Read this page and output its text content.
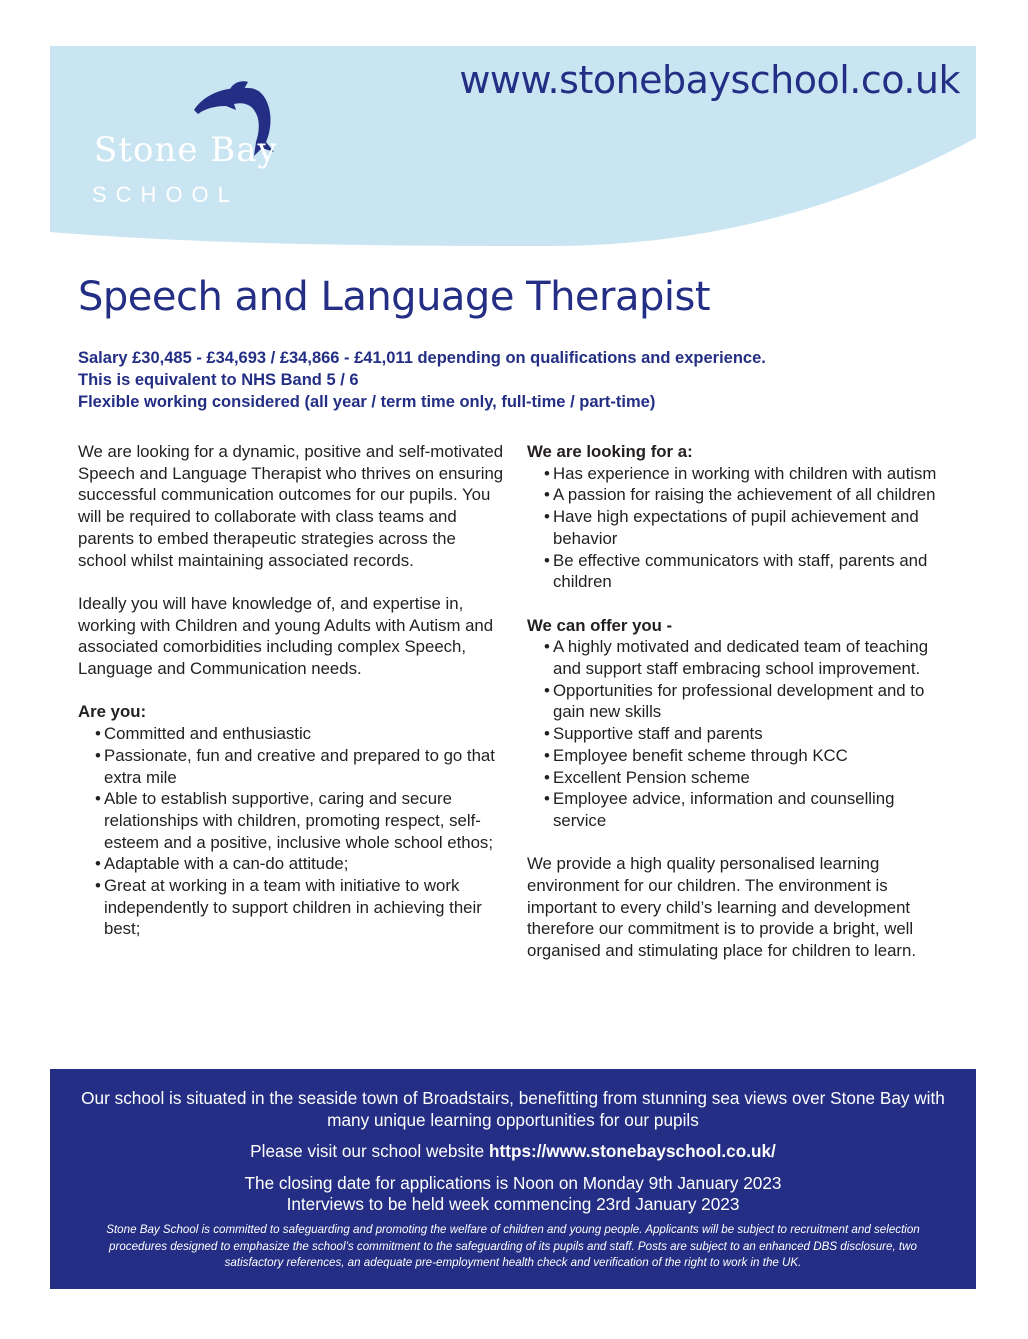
www.stonebayschool.co.uk
Stone Bay
SCHOOL
Speech and Language Therapist
Salary £30,485 - £34,693 / £34,866 - £41,011 depending on qualifications and experience.
This is equivalent to NHS Band 5 / 6
Flexible working considered (all year / term time only, full-time / part-time)

We are looking for a dynamic, positive and self-motivated Speech and Language Therapist who thrives on ensuring successful communication outcomes for our pupils. You will be required to collaborate with class teams and parents to embed therapeutic strategies across the school whilst maintaining associated records.

Ideally you will have knowledge of, and expertise in, working with Children and young Adults with Autism and associated comorbidities including complex Speech, Language and Communication needs.

Are you:

• Committed and enthusiastic
• Passionate, fun and creative and prepared to go that extra mile
• Able to establish supportive, caring and secure relationships with children, promoting respect, self-esteem and a positive, inclusive whole school ethos;
• Adaptable with a can-do attitude;
• Great at working in a team with initiative to work independently to support children in achieving their best;

We are looking for a:

• Has experience in working with children with autism
• A passion for raising the achievement of all children
• Have high expectations of pupil achievement and behavior
• Be effective communicators with staff, parents and children

We can offer you -

• A highly motivated and dedicated team of teaching and support staff embracing school improvement.
• Opportunities for professional development and to gain new skills
• Supportive staff and parents
• Employee benefit scheme through KCC
• Excellent Pension scheme
• Employee advice, information and counselling service

We provide a high quality personalised learning environment for our children. The environment is important to every child’s learning and development therefore our commitment is to provide a bright, well organised and stimulating place for children to learn.

Our school is situated in the seaside town of Broadstairs, benefitting from stunning sea views over Stone Bay with many unique learning opportunities for our pupils
Please visit our school website https://www.stonebayschool.co.uk/
The closing date for applications is Noon on Monday 9th January 2023
Interviews to be held week commencing 23rd January 2023
Stone Bay School is committed to safeguarding and promoting the welfare of children and young people. Applicants will be subject to recruitment and selection procedures designed to emphasize the school’s commitment to the safeguarding of its pupils and staff. Posts are subject to an enhanced DBS disclosure, two satisfactory references, an adequate pre-employment health check and verification of the right to work in the UK.
